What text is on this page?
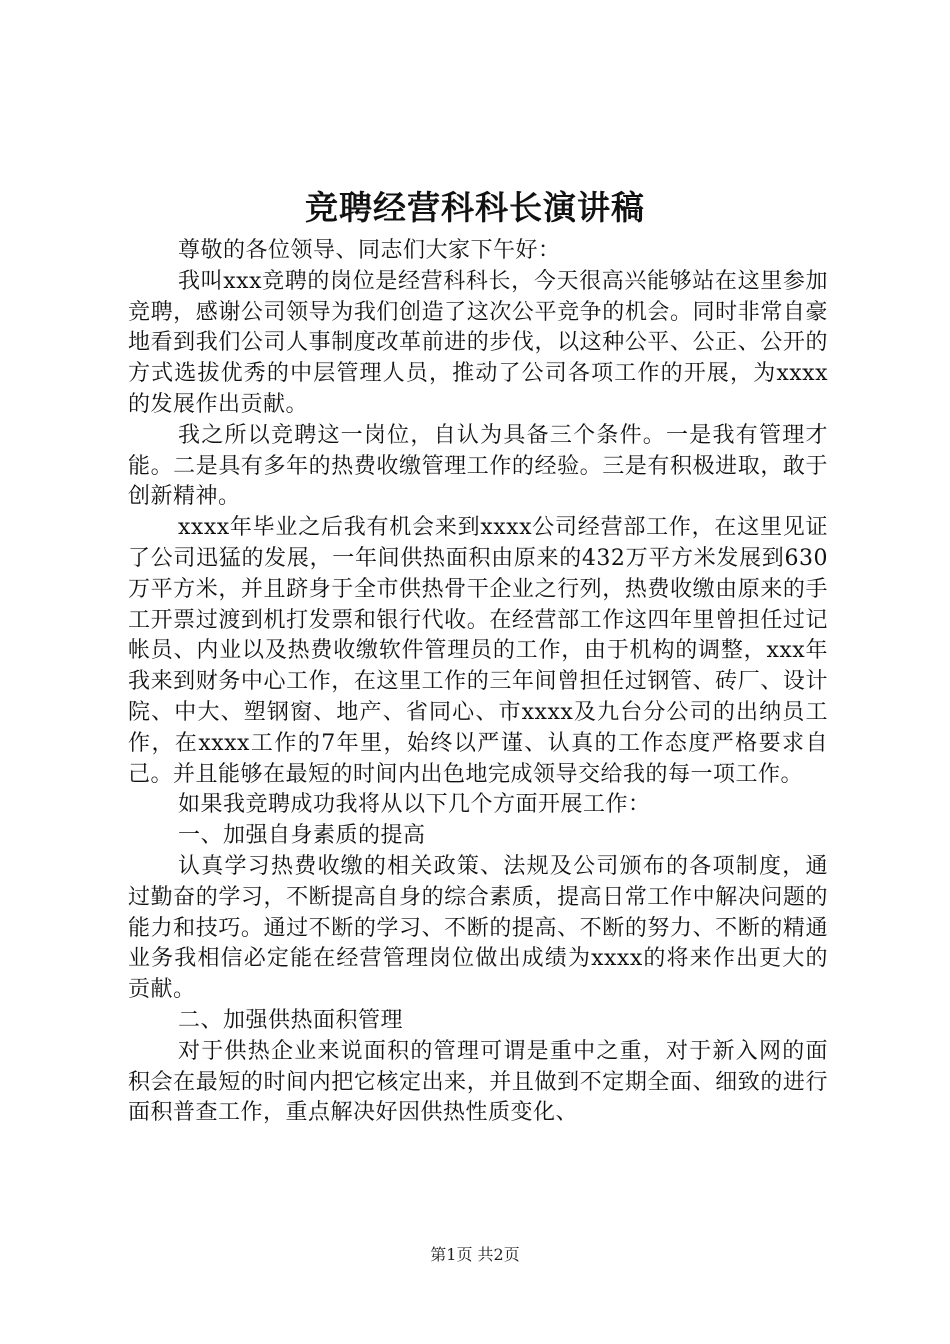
竞聘经营科科长演讲稿

尊敬的各位领导、同志们大家下午好：

我叫xxx竞聘的岗位是经营科科长，今天很高兴能够站在这里参加竞聘，感谢公司领导为我们创造了这次公平竞争的机会。同时非常自豪地看到我们公司人事制度改革前进的步伐，以这种公平、公正、公开的方式选拔优秀的中层管理人员，推动了公司各项工作的开展，为xxxx的发展作出贡献。

我之所以竞聘这一岗位，自认为具备三个条件。一是我有管理才能。二是具有多年的热费收缴管理工作的经验。三是有积极进取，敢于创新精神。

xxxx年毕业之后我有机会来到xxxx公司经营部工作，在这里见证了公司迅猛的发展，一年间供热面积由原来的432万平方米发展到630万平方米，并且跻身于全市供热骨干企业之行列，热费收缴由原来的手工开票过渡到机打发票和银行代收。在经营部工作这四年里曾担任过记帐员、内业以及热费收缴软件管理员的工作，由于机构的调整，xxx年我来到财务中心工作，在这里工作的三年间曾担任过钢管、砖厂、设计院、中大、塑钢窗、地产、省同心、市xxxx及九台分公司的出纳员工作，在xxxx工作的7年里，始终以严谨、认真的工作态度严格要求自己。并且能够在最短的时间内出色地完成领导交给我的每一项工作。

如果我竞聘成功我将从以下几个方面开展工作：

一、加强自身素质的提高

认真学习热费收缴的相关政策、法规及公司颁布的各项制度，通过勤奋的学习，不断提高自身的综合素质，提高日常工作中解决问题的能力和技巧。通过不断的学习、不断的提高、不断的努力、不断的精通业务我相信必定能在经营管理岗位做出成绩为xxxx的将来作出更大的贡献。

二、加强供热面积管理

对于供热企业来说面积的管理可谓是重中之重，对于新入网的面积会在最短的时间内把它核定出来，并且做到不定期全面、细致的进行面积普查工作，重点解决好因供热性质变化、

第1页 共2页
